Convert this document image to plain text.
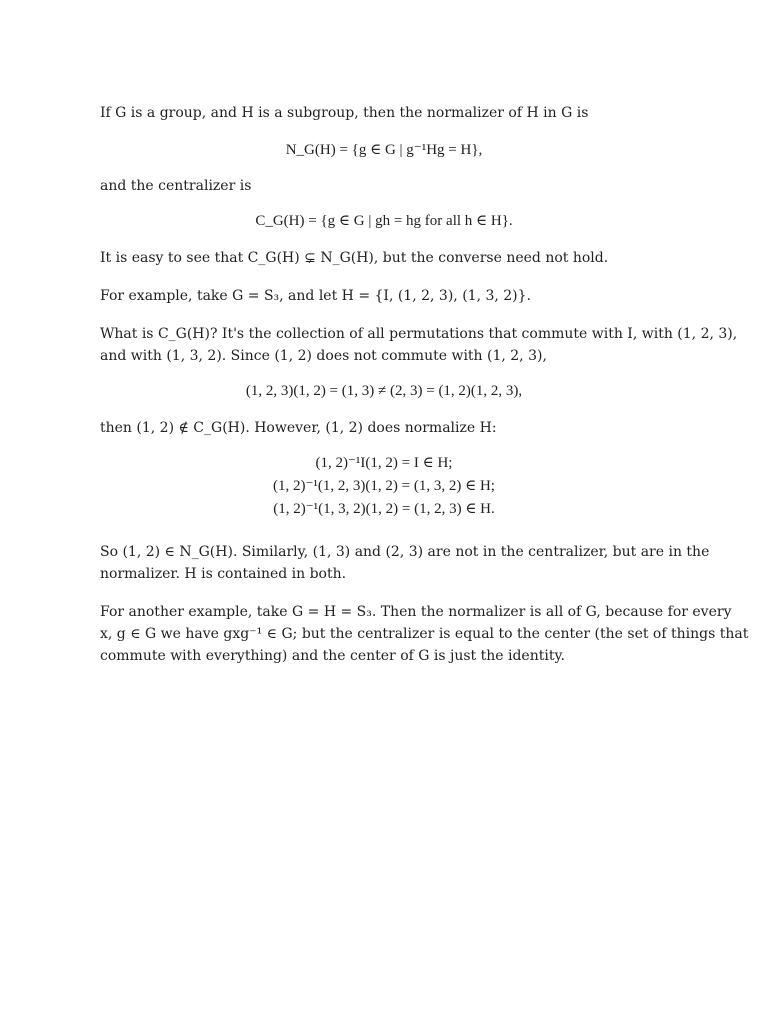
If G is a group, and H is a subgroup, then the normalizer of H in G is
N_G(H) = {g ∈ G | g⁻¹Hg = H},
and the centralizer is
C_G(H) = {g ∈ G | gh = hg for all h ∈ H}.
It is easy to see that C_G(H) ⊊ N_G(H), but the converse need not hold.
For example, take G = S₃, and let H = {I, (1, 2, 3), (1, 3, 2)}.
What is C_G(H)? It's the collection of all permutations that commute with I, with (1, 2, 3),
and with (1, 3, 2). Since (1, 2) does not commute with (1, 2, 3),
(1, 2, 3)(1, 2) = (1, 3) ≠ (2, 3) = (1, 2)(1, 2, 3),
then (1, 2) ∉ C_G(H). However, (1, 2) does normalize H:
(1, 2)⁻¹I(1, 2) = I ∈ H;
(1, 2)⁻¹(1, 2, 3)(1, 2) = (1, 3, 2) ∈ H;
(1, 2)⁻¹(1, 3, 2)(1, 2) = (1, 2, 3) ∈ H.
So (1, 2) ∈ N_G(H). Similarly, (1, 3) and (2, 3) are not in the centralizer, but are in the
normalizer. H is contained in both.
For another example, take G = H = S₃. Then the normalizer is all of G, because for every
x, g ∈ G we have gxg⁻¹ ∈ G; but the centralizer is equal to the center (the set of things that
commute with everything) and the center of G is just the identity.
